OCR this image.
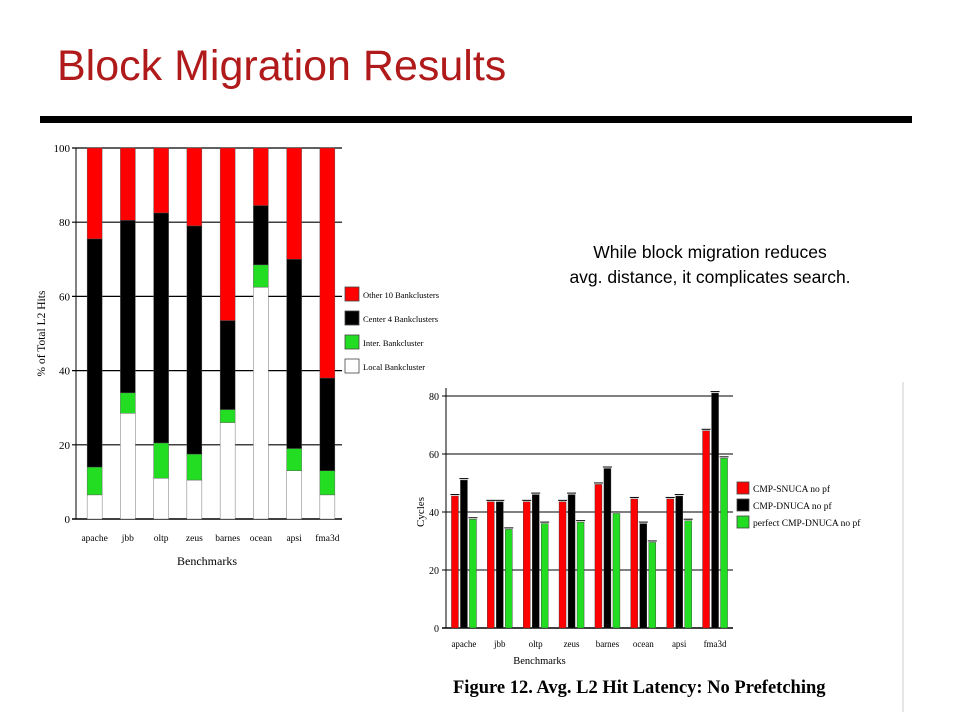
Block Migration Results
While block migration reduces
avg. distance, it complicates search.
0
20
40
60
80
100
% of Total L2 Hits
apache jbb oltp zeus barnes ocean apsi fma3d
Benchmarks
Other 10 Bankclusters
Center 4 Bankclusters
Inter. Bankcluster
Local Bankcluster
0
20
40
60
80
Cycles
apache jbb	oltp zeus barnes ocean apsi fma3d
Benchmarks
CMP-SNUCA no pf
CMP-DNUCA no pf
perfect CMP-DNUCA no pf
Figure 12. Avg. L2 Hit Latency: No Prefetching
